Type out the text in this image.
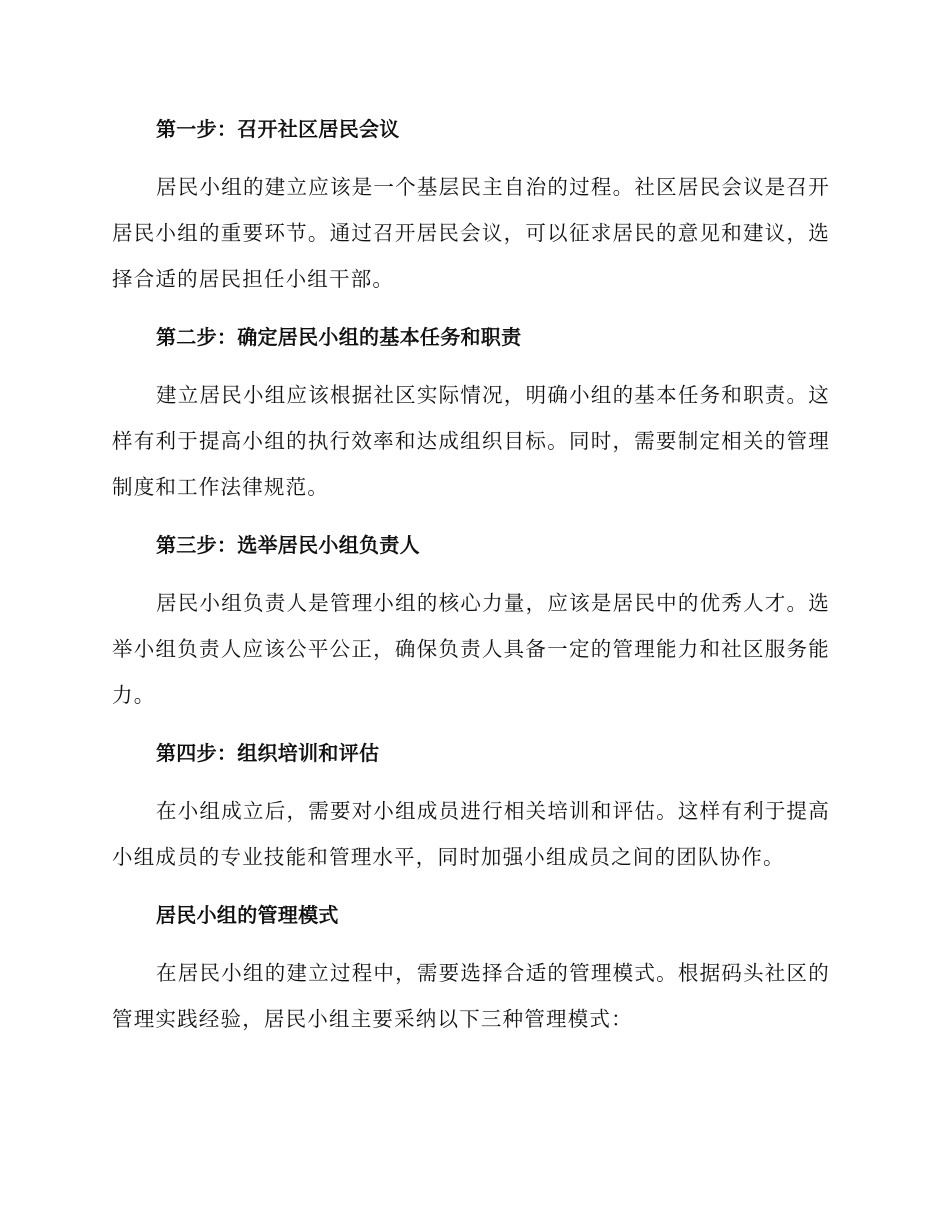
第一步：召开社区居民会议

居民小组的建立应该是一个基层民主自治的过程。社区居民会议是召开居民小组的重要环节。通过召开居民会议，可以征求居民的意见和建议，选择合适的居民担任小组干部。

第二步：确定居民小组的基本任务和职责

建立居民小组应该根据社区实际情况，明确小组的基本任务和职责。这样有利于提高小组的执行效率和达成组织目标。同时，需要制定相关的管理制度和工作法律规范。

第三步：选举居民小组负责人

居民小组负责人是管理小组的核心力量，应该是居民中的优秀人才。选举小组负责人应该公平公正，确保负责人具备一定的管理能力和社区服务能力。

第四步：组织培训和评估

在小组成立后，需要对小组成员进行相关培训和评估。这样有利于提高小组成员的专业技能和管理水平，同时加强小组成员之间的团队协作。

居民小组的管理模式

在居民小组的建立过程中，需要选择合适的管理模式。根据码头社区的管理实践经验，居民小组主要采纳以下三种管理模式：
